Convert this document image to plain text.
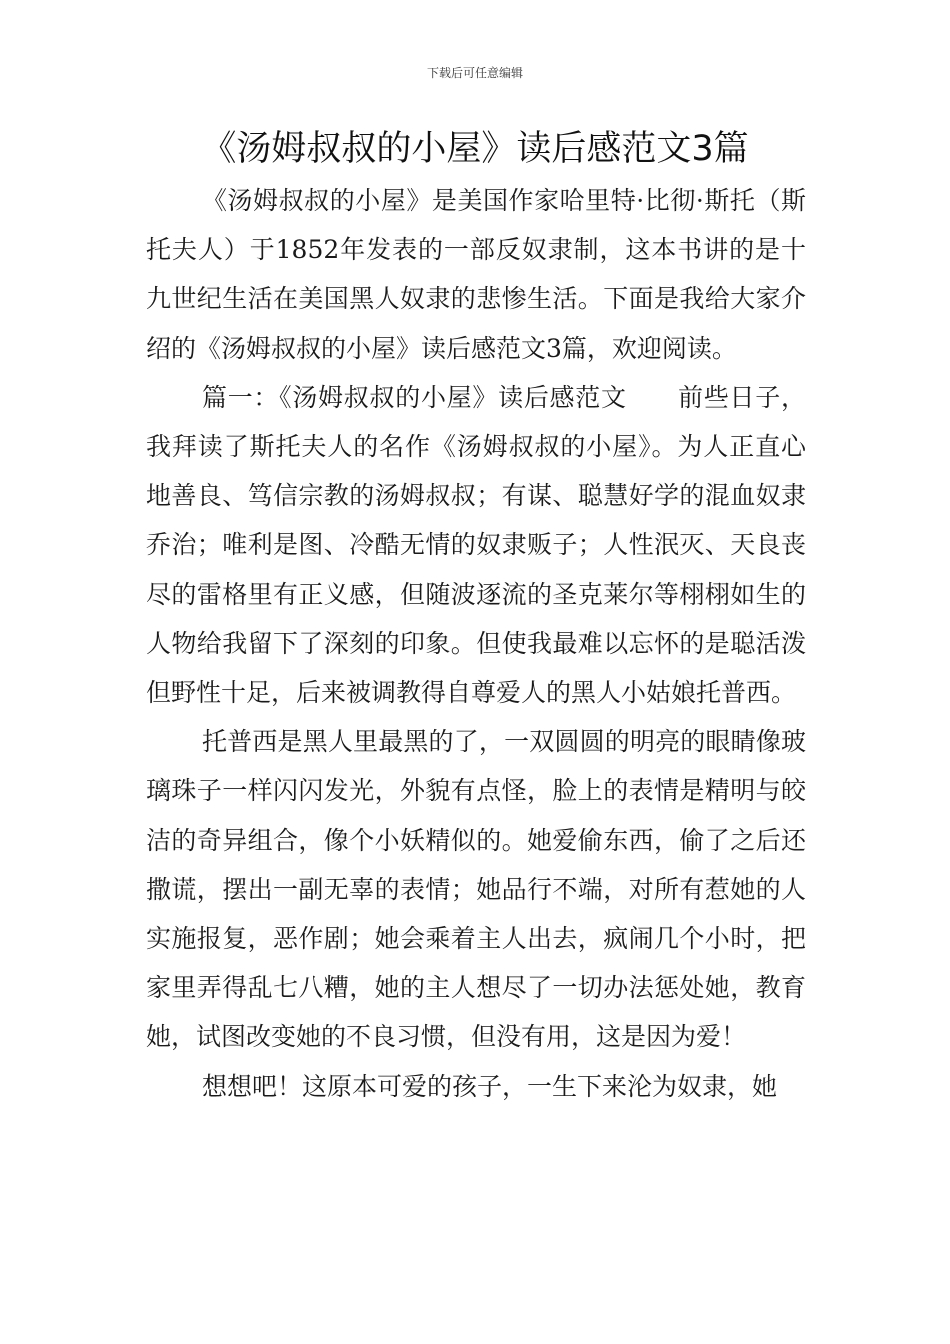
下载后可任意编辑
《汤姆叔叔的小屋》读后感范文3篇

《汤姆叔叔的小屋》是美国作家哈里特·比彻·斯托（斯托夫人）于1852年发表的一部反奴隶制，这本书讲的是十九世纪生活在美国黑人奴隶的悲惨生活。下面是我给大家介绍的《汤姆叔叔的小屋》读后感范文3篇，欢迎阅读。

篇一：《汤姆叔叔的小屋》读后感范文　　前些日子，我拜读了斯托夫人的名作《汤姆叔叔的小屋》。为人正直心地善良、笃信宗教的汤姆叔叔；有谋、聪慧好学的混血奴隶乔治；唯利是图、冷酷无情的奴隶贩子；人性泯灭、天良丧尽的雷格里有正义感，但随波逐流的圣克莱尔等栩栩如生的人物给我留下了深刻的印象。但使我最难以忘怀的是聪活泼但野性十足，后来被调教得自尊爱人的黑人小姑娘托普西。

托普西是黑人里最黑的了，一双圆圆的明亮的眼睛像玻璃珠子一样闪闪发光，外貌有点怪，脸上的表情是精明与皎洁的奇异组合，像个小妖精似的。她爱偷东西，偷了之后还撒谎，摆出一副无辜的表情；她品行不端，对所有惹她的人实施报复，恶作剧；她会乘着主人出去，疯闹几个小时，把家里弄得乱七八糟，她的主人想尽了一切办法惩处她，教育她，试图改变她的不良习惯，但没有用，这是因为爱！

想想吧！这原本可爱的孩子，一生下来沦为奴隶，她
